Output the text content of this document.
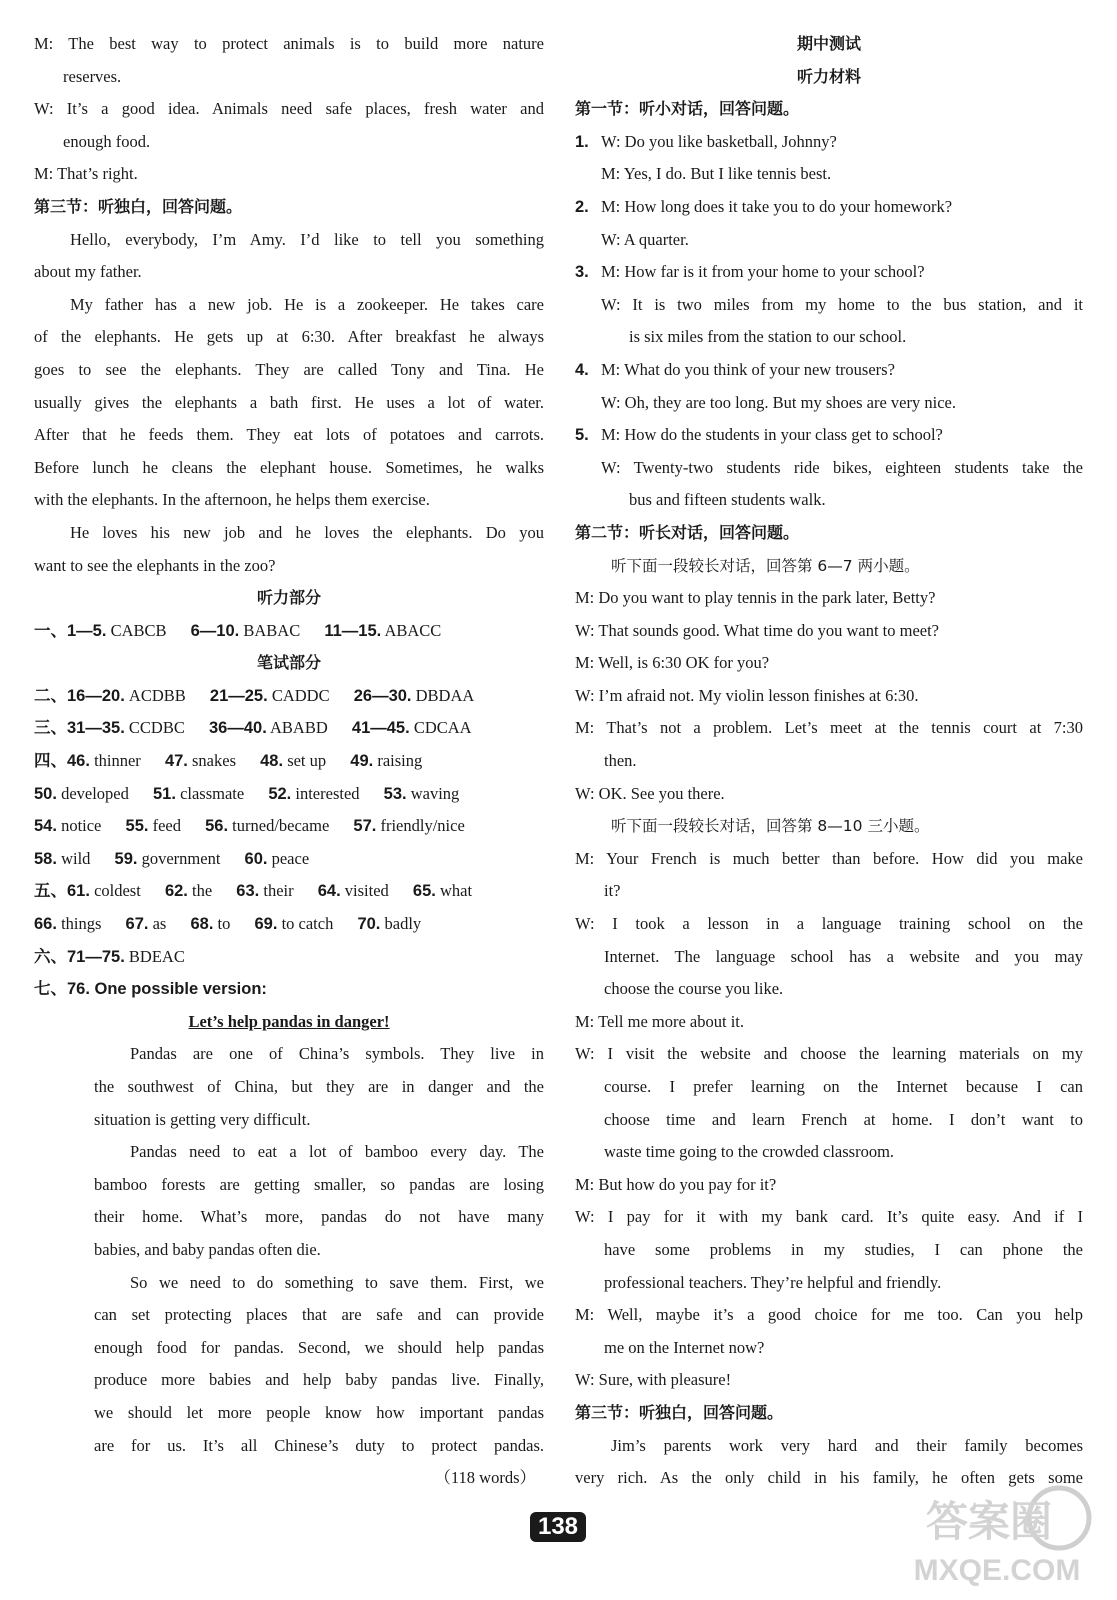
M: The best way to protect animals is to build more nature
reserves.
W: It’s a good idea. Animals need safe places, fresh water and
enough food.
M: That’s right.
第三节：听独白，回答问题。
Hello, everybody, I’m Amy. I’d like to tell you something
about my father.
My father has a new job. He is a zookeeper. He takes care
of the elephants. He gets up at 6:30. After breakfast he always
goes to see the elephants. They are called Tony and Tina. He
usually gives the elephants a bath first. He uses a lot of water.
After that he feeds them. They eat lots of potatoes and carrots.
Before lunch he cleans the elephant house. Sometimes, he walks
with the elephants. In the afternoon, he helps them exercise.
He loves his new job and he loves the elephants. Do you
want to see the elephants in the zoo?
听力部分
一、1—5. CABCB 6—10. BABAC 11—15. ABACC
笔试部分
二、16—20. ACDBB 21—25. CADDC 26—30. DBDAA
三、31—35. CCDBC 36—40. ABABD 41—45. CDCAA
四、46. thinner 47. snakes 48. set up 49. raising
50. developed 51. classmate 52. interested 53. waving
54. notice 55. feed 56. turned/became 57. friendly/nice
58. wild 59. government 60. peace
五、61. coldest 62. the 63. their 64. visited 65. what
66. things 67. as 68. to 69. to catch 70. badly
六、71—75. BDEAC
七、76. One possible version:
Let’s help pandas in danger!
Pandas are one of China’s symbols. They live in
the southwest of China, but they are in danger and the
situation is getting very difficult.
Pandas need to eat a lot of bamboo every day. The
bamboo forests are getting smaller, so pandas are losing
their home. What’s more, pandas do not have many
babies, and baby pandas often die.
So we need to do something to save them. First, we
can set protecting places that are safe and can provide
enough food for pandas. Second, we should help pandas
produce more babies and help baby pandas live. Finally,
we should let more people know how important pandas
are for us. It’s all Chinese’s duty to protect pandas.
（118 words）
期中测试
听力材料
第一节：听小对话，回答问题。
1. W: Do you like basketball, Johnny?
M: Yes, I do. But I like tennis best.
2. M: How long does it take you to do your homework?
W: A quarter.
3. M: How far is it from your home to your school?
W: It is two miles from my home to the bus station, and it
is six miles from the station to our school.
4. M: What do you think of your new trousers?
W: Oh, they are too long. But my shoes are very nice.
5. M: How do the students in your class get to school?
W: Twenty-two students ride bikes, eighteen students take the
bus and fifteen students walk.
第二节：听长对话，回答问题。
听下面一段较长对话，回答第 6—7 两小题。
M: Do you want to play tennis in the park later, Betty?
W: That sounds good. What time do you want to meet?
M: Well, is 6:30 OK for you?
W: I’m afraid not. My violin lesson finishes at 6:30.
M: That’s not a problem. Let’s meet at the tennis court at 7:30
then.
W: OK. See you there.
听下面一段较长对话，回答第 8—10 三小题。
M: Your French is much better than before. How did you make
it?
W: I took a lesson in a language training school on the
Internet. The language school has a website and you may
choose the course you like.
M: Tell me more about it.
W: I visit the website and choose the learning materials on my
course. I prefer learning on the Internet because I can
choose time and learn French at home. I don’t want to
waste time going to the crowded classroom.
M: But how do you pay for it?
W: I pay for it with my bank card. It’s quite easy. And if I
have some problems in my studies, I can phone the
professional teachers. They’re helpful and friendly.
M: Well, maybe it’s a good choice for me too. Can you help
me on the Internet now?
W: Sure, with pleasure!
第三节：听独白，回答问题。
Jim’s parents work very hard and their family becomes
very rich. As the only child in his family, he often gets some
138	答案圈
MXQE.COM
